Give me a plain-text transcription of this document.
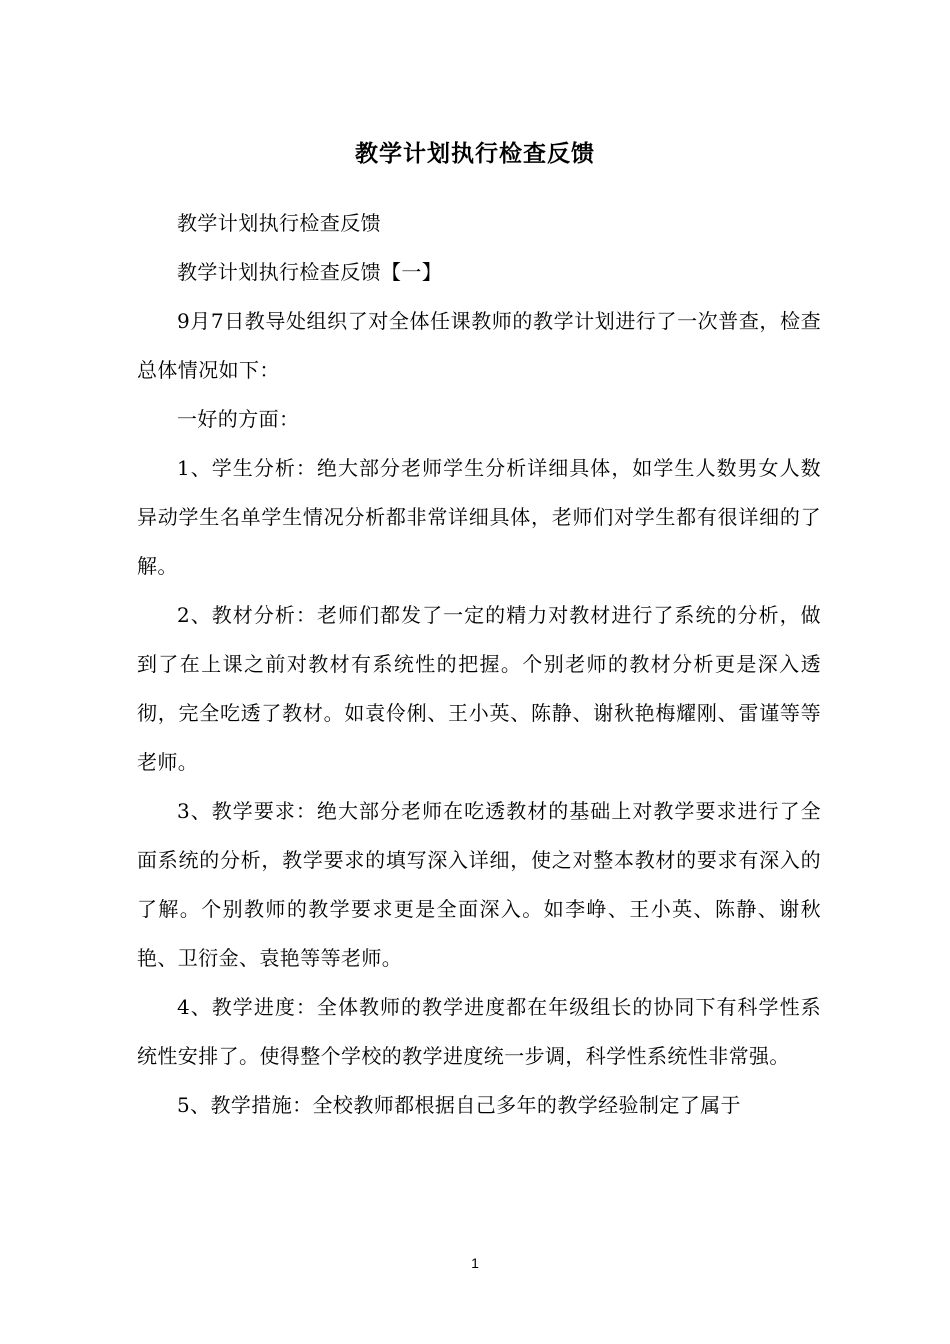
教学计划执行检查反馈

教学计划执行检查反馈

教学计划执行检查反馈【一】

9月7日教导处组织了对全体任课教师的教学计划进行了一次普查，检查总体情况如下：

一好的方面：

1、学生分析：绝大部分老师学生分析详细具体，如学生人数男女人数异动学生名单学生情况分析都非常详细具体，老师们对学生都有很详细的了解。

2、教材分析：老师们都发了一定的精力对教材进行了系统的分析，做到了在上课之前对教材有系统性的把握。个别老师的教材分析更是深入透彻，完全吃透了教材。如袁伶俐、王小英、陈静、谢秋艳梅耀刚、雷谨等等老师。

3、教学要求：绝大部分老师在吃透教材的基础上对教学要求进行了全面系统的分析，教学要求的填写深入详细，使之对整本教材的要求有深入的了解。个别教师的教学要求更是全面深入。如李峥、王小英、陈静、谢秋艳、卫衍金、袁艳等等老师。

4、教学进度：全体教师的教学进度都在年级组长的协同下有科学性系统性安排了。使得整个学校的教学进度统一步调，科学性系统性非常强。

5、教学措施：全校教师都根据自己多年的教学经验制定了属于

1
